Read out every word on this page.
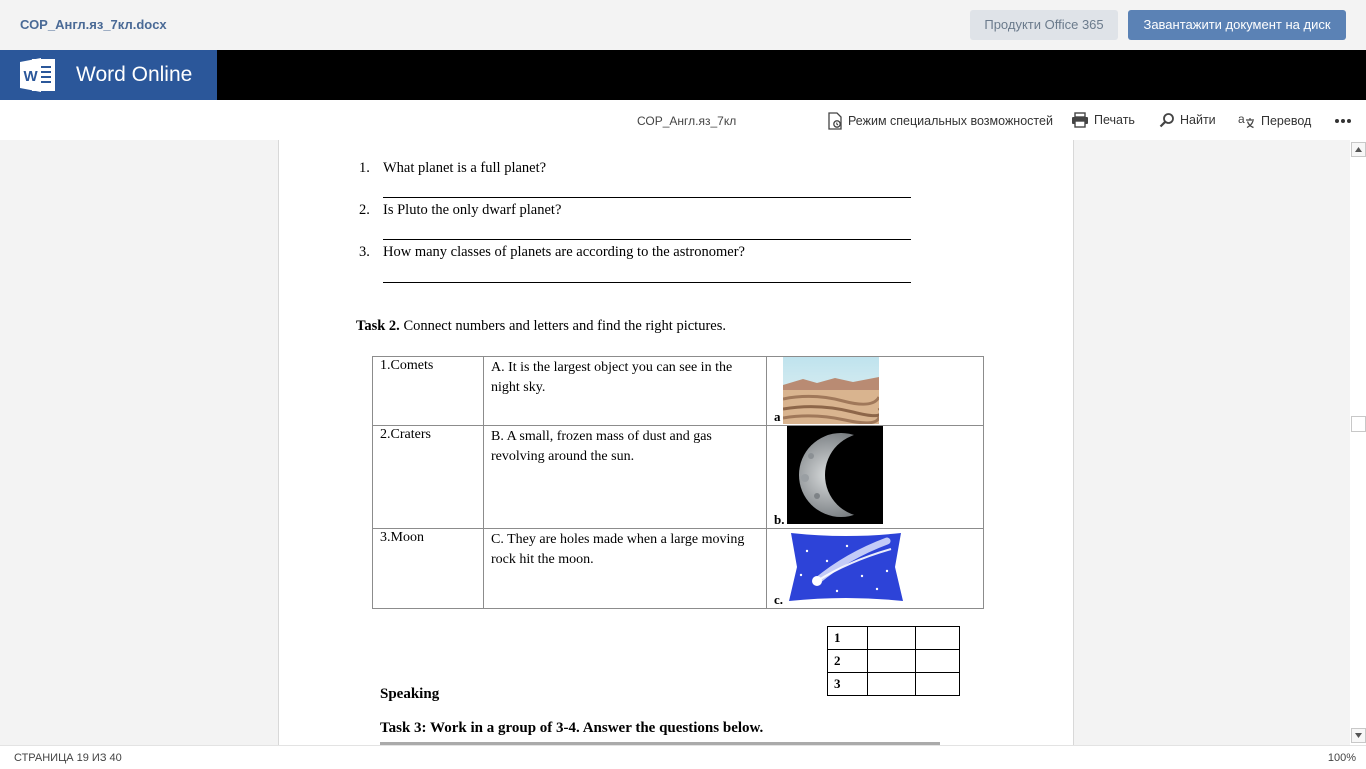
СОР_Англ.яз_7кл.docx	Продукти Office 365	Завантажити документ на диск
W Word Online
СОР_Англ.яз_7кл	Режим специальных возможностей	Печать	Найти a Перевод
1. What planet is a full planet?
2. Is Pluto the only dwarf planet?
3. How many classes of planets are according to the astronomer?
Task 2. Connect numbers and letters and find the right pictures.
1.Comets	A. It is the largest object you can see in the night sky.	a

2.Craters	B. A small, frozen mass of dust and gas revolving around the sun.	b.

3.Moon	C. They are holes made when a large moving rock hit the moon.	c.
1		
2		
3		
Speaking
Task 3: Work in a group of 3-4. Answer the questions below.
СТРАНИЦА 19 ИЗ 40	100%
